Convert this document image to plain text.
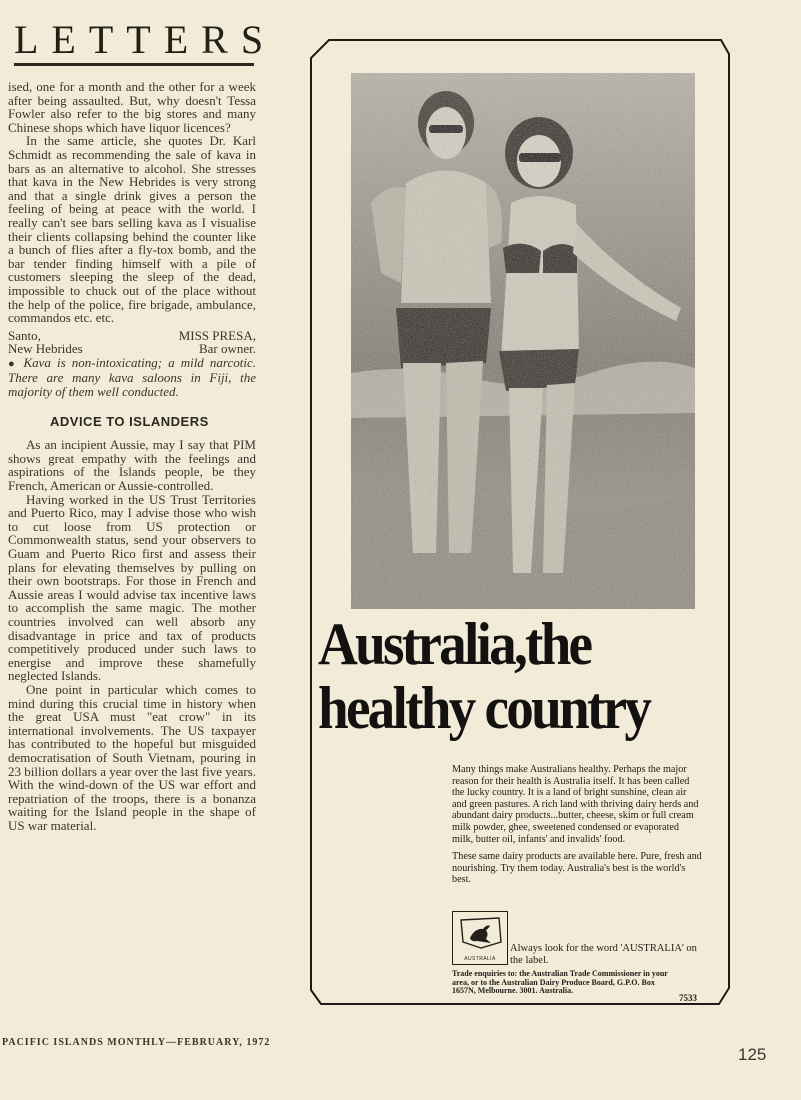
LETTERS

ised, one for a month and the other for a week after being assaulted. But, why doesn't Tessa Fowler also refer to the big stores and many Chinese shops which have liquor licences?

In the same article, she quotes Dr. Karl Schmidt as recommending the sale of kava in bars as an alternative to alcohol. She stresses that kava in the New Hebrides is very strong and that a single drink gives a person the feeling of being at peace with the world. I really can't see bars selling kava as I visualise their clients collapsing behind the counter like a bunch of flies after a fly-tox bomb, and the bar tender finding himself with a pile of customers sleeping the sleep of the dead, impossible to chuck out of the place without the help of the police, fire brigade, ambulance, commandos etc. etc.

Santo,
New Hebrides
MISS PRESA,
Bar owner.

● Kava is non-intoxicating; a mild narcotic. There are many kava saloons in Fiji, the majority of them well conducted.

ADVICE TO ISLANDERS

As an incipient Aussie, may I say that PIM shows great empathy with the feelings and aspirations of the Islands people, be they French, American or Aussie-controlled.

Having worked in the US Trust Territories and Puerto Rico, may I advise those who wish to cut loose from US protection or Commonwealth status, send your observers to Guam and Puerto Rico first and assess their plans for elevating themselves by pulling on their own bootstraps. For those in French and Aussie areas I would advise tax incentive laws to accomplish the same magic. The mother countries involved can well absorb any disadvantage in price and tax of products competitively produced under such laws to energise and improve these shamefully neglected Islands.

One point in particular which comes to mind during this crucial time in history when the great USA must "eat crow" in its international involvements. The US taxpayer has contributed to the hopeful but misguided democratisation of South Vietnam, pouring in 23 billion dollars a year over the last five years. With the wind-down of the US war effort and repatriation of the troops, there is a bonanza waiting for the Island people in the shape of US war material.

PACIFIC ISLANDS MONTHLY—FEBRUARY, 1972
125
Australia,the
healthy country

Many things make Australians healthy. Perhaps the major reason for their health is Australia itself. It has been called the lucky country. It is a land of bright sunshine, clean air and green pastures. A rich land with thriving dairy herds and abundant dairy products...butter, cheese, skim or full cream milk powder, ghee, sweetened condensed or evaporated milk, butter oil, infants' and invalids' food.

These same dairy products are available here. Pure, fresh and nourishing. Try them today. Australia's best is the world's best.

AUSTRALIA
Always look for the word 'AUSTRALIA' on the label.
Trade enquiries to: the Australian Trade Commissioner in your area, or to the Australian Dairy Produce Board, G.P.O. Box 1657N, Melbourne. 3001. Australia.
7533
